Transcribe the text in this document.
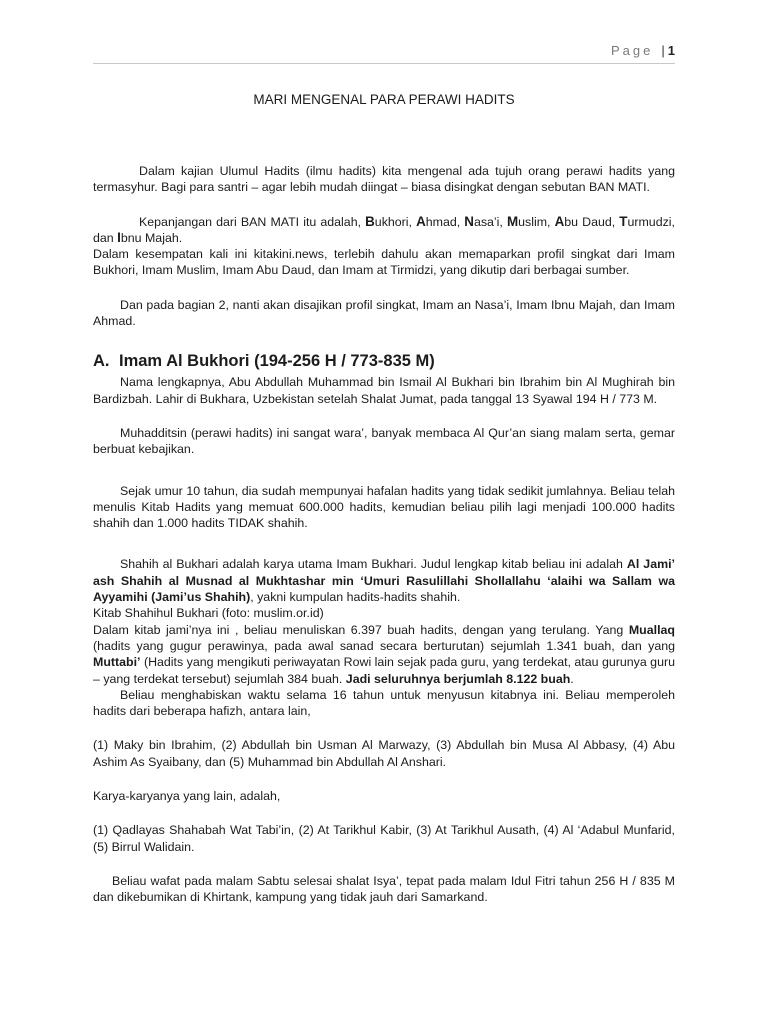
Page | 1
MARI MENGENAL PARA PERAWI HADITS

Dalam kajian Ulumul Hadits (ilmu hadits) kita mengenal ada tujuh orang perawi hadits yang termasyhur. Bagi para santri – agar lebih mudah diingat – biasa disingkat dengan sebutan BAN MATI.

Kepanjangan dari BAN MATI itu adalah, Bukhori, Ahmad, Nasa’i, Muslim, Abu Daud, Turmudzi, dan Ibnu Majah.

Dalam kesempatan kali ini kitakini.news, terlebih dahulu akan memaparkan profil singkat dari Imam Bukhori, Imam Muslim, Imam Abu Daud, dan Imam at Tirmidzi, yang dikutip dari berbagai sumber.

Dan pada bagian 2, nanti akan disajikan profil singkat, Imam an Nasa’i, Imam Ibnu Majah, dan Imam Ahmad.

A. Imam Al Bukhori (194-256 H / 773-835 M)

Nama lengkapnya, Abu Abdullah Muhammad bin Ismail Al Bukhari bin Ibrahim bin Al Mughirah bin Bardizbah. Lahir di Bukhara, Uzbekistan setelah Shalat Jumat, pada tanggal 13 Syawal 194 H / 773 M.

Muhadditsin (perawi hadits) ini sangat wara’, banyak membaca Al Qur’an siang malam serta, gemar berbuat kebajikan.

Sejak umur 10 tahun, dia sudah mempunyai hafalan hadits yang tidak sedikit jumlahnya. Beliau telah menulis Kitab Hadits yang memuat 600.000 hadits, kemudian beliau pilih lagi menjadi 100.000 hadits shahih dan 1.000 hadits TIDAK shahih.

Shahih al Bukhari adalah karya utama Imam Bukhari. Judul lengkap kitab beliau ini adalah Al Jami’ ash Shahih al Musnad al Mukhtashar min ‘Umuri Rasulillahi Shollallahu ‘alaihi wa Sallam wa Ayyamihi (Jami’us Shahih), yakni kumpulan hadits-hadits shahih.

Kitab Shahihul Bukhari (foto: muslim.or.id)

Dalam kitab jami’nya ini , beliau menuliskan 6.397 buah hadits, dengan yang terulang. Yang Muallaq (hadits yang gugur perawinya, pada awal sanad secara berturutan) sejumlah 1.341 buah, dan yang Muttabi’ (Hadits yang mengikuti periwayatan Rowi lain sejak pada guru, yang terdekat, atau gurunya guru – yang terdekat tersebut) sejumlah 384 buah. Jadi seluruhnya berjumlah 8.122 buah.

Beliau menghabiskan waktu selama 16 tahun untuk menyusun kitabnya ini. Beliau memperoleh hadits dari beberapa hafizh, antara lain,

(1) Maky bin Ibrahim, (2) Abdullah bin Usman Al Marwazy, (3) Abdullah bin Musa Al Abbasy, (4) Abu Ashim As Syaibany, dan (5) Muhammad bin Abdullah Al Anshari.

Karya-karyanya yang lain, adalah,

(1) Qadlayas Shahabah Wat Tabi’in, (2) At Tarikhul Kabir, (3) At Tarikhul Ausath, (4) Al ‘Adabul Munfarid, (5) Birrul Walidain.

Beliau wafat pada malam Sabtu selesai shalat Isya’, tepat pada malam Idul Fitri tahun 256 H / 835 M dan dikebumikan di Khirtank, kampung yang tidak jauh dari Samarkand.
